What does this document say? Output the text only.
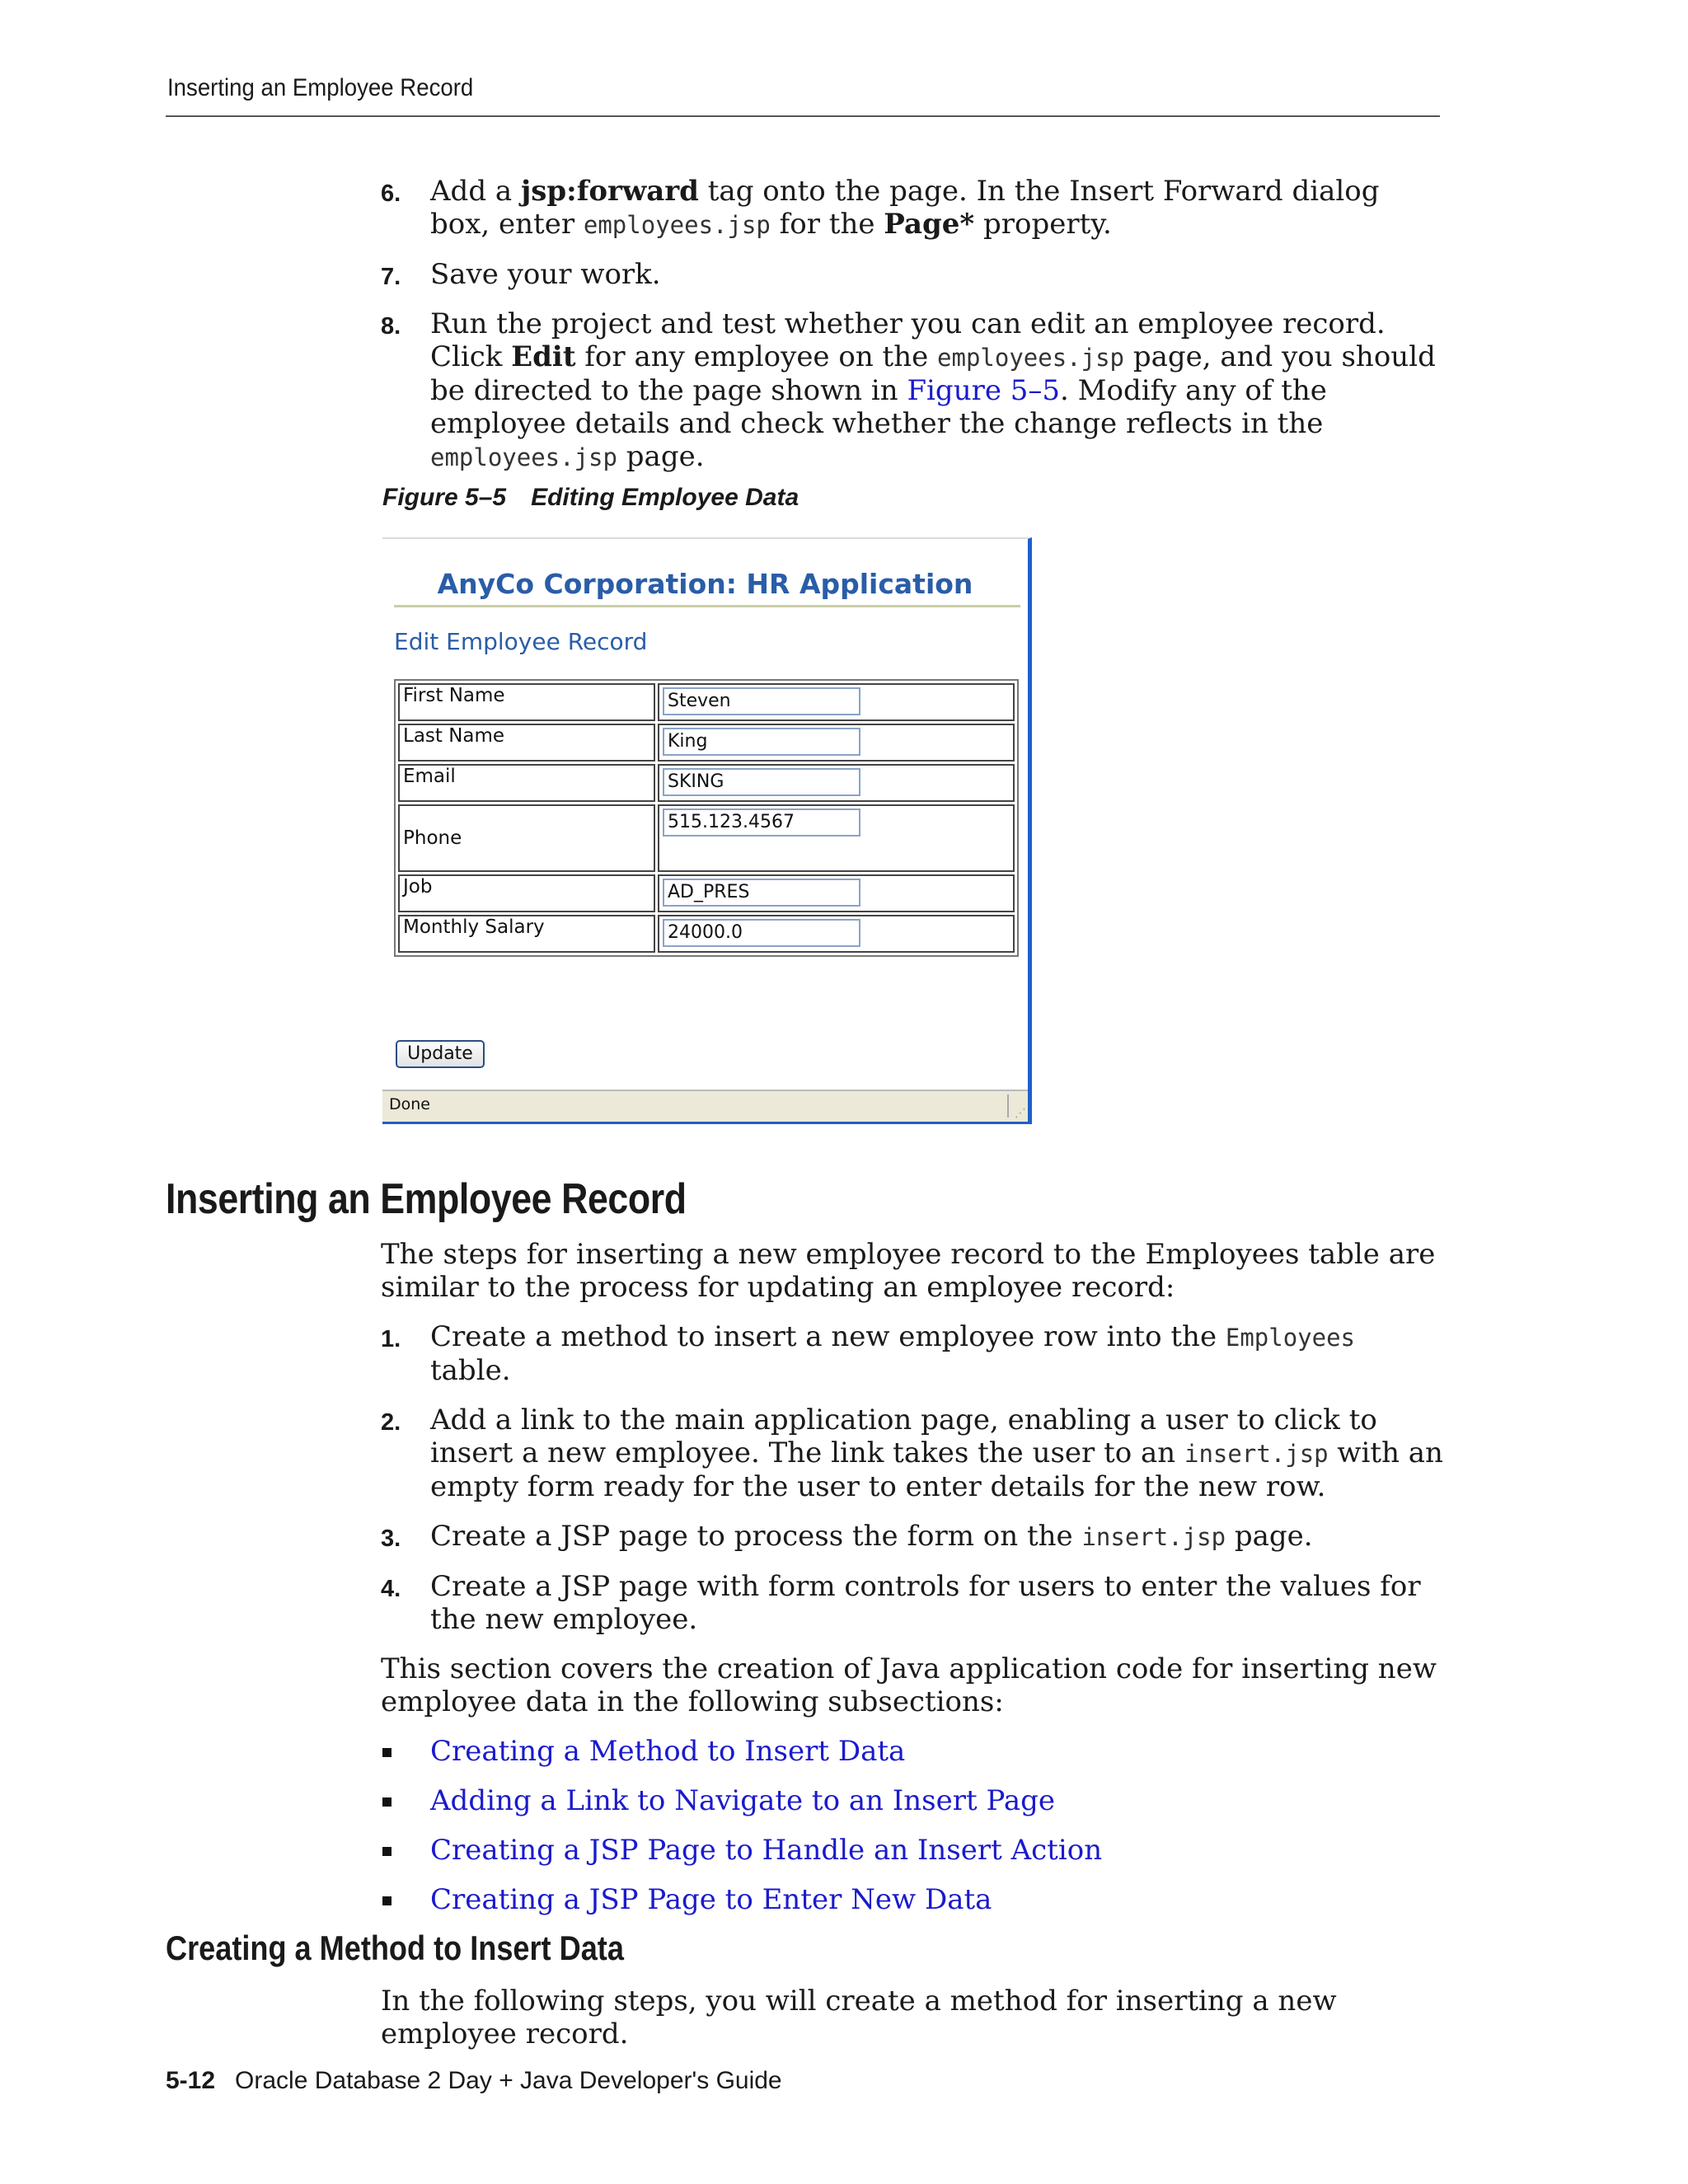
Inserting an Employee Record
6. Add a jsp:forward tag onto the page. In the Insert Forward dialog box, enter employees.jsp for the Page* property.
7. Save your work.
8. Run the project and test whether you can edit an employee record. Click Edit for any employee on the employees.jsp page, and you should be directed to the page shown in Figure 5–5. Modify any of the employee details and check whether the change reflects in the employees.jsp page.
Figure 5–5 Editing Employee Data
AnyCo Corporation: HR Application
Edit Employee Record
First Name	Steven
Last Name	King
Email	SKING
Phone	515.123.4567
Job	AD_PRES
Monthly Salary	24000.0
Update
Done	⋰
Inserting an Employee Record

The steps for inserting a new employee record to the Employees table are similar to the process for updating an employee record:

1. Create a method to insert a new employee row into the Employees table.
2. Add a link to the main application page, enabling a user to click to insert a new employee. The link takes the user to an insert.jsp with an empty form ready for the user to enter details for the new row.
3. Create a JSP page to process the form on the insert.jsp page.
4. Create a JSP page with form controls for users to enter the values for the new employee.

This section covers the creation of Java application code for inserting new employee data in the following subsections:

Creating a Method to Insert Data
Adding a Link to Navigate to an Insert Page
Creating a JSP Page to Handle an Insert Action
Creating a JSP Page to Enter New Data
Creating a Method to Insert Data

In the following steps, you will create a method for inserting a new employee record.

5-12 Oracle Database 2 Day + Java Developer's Guide
